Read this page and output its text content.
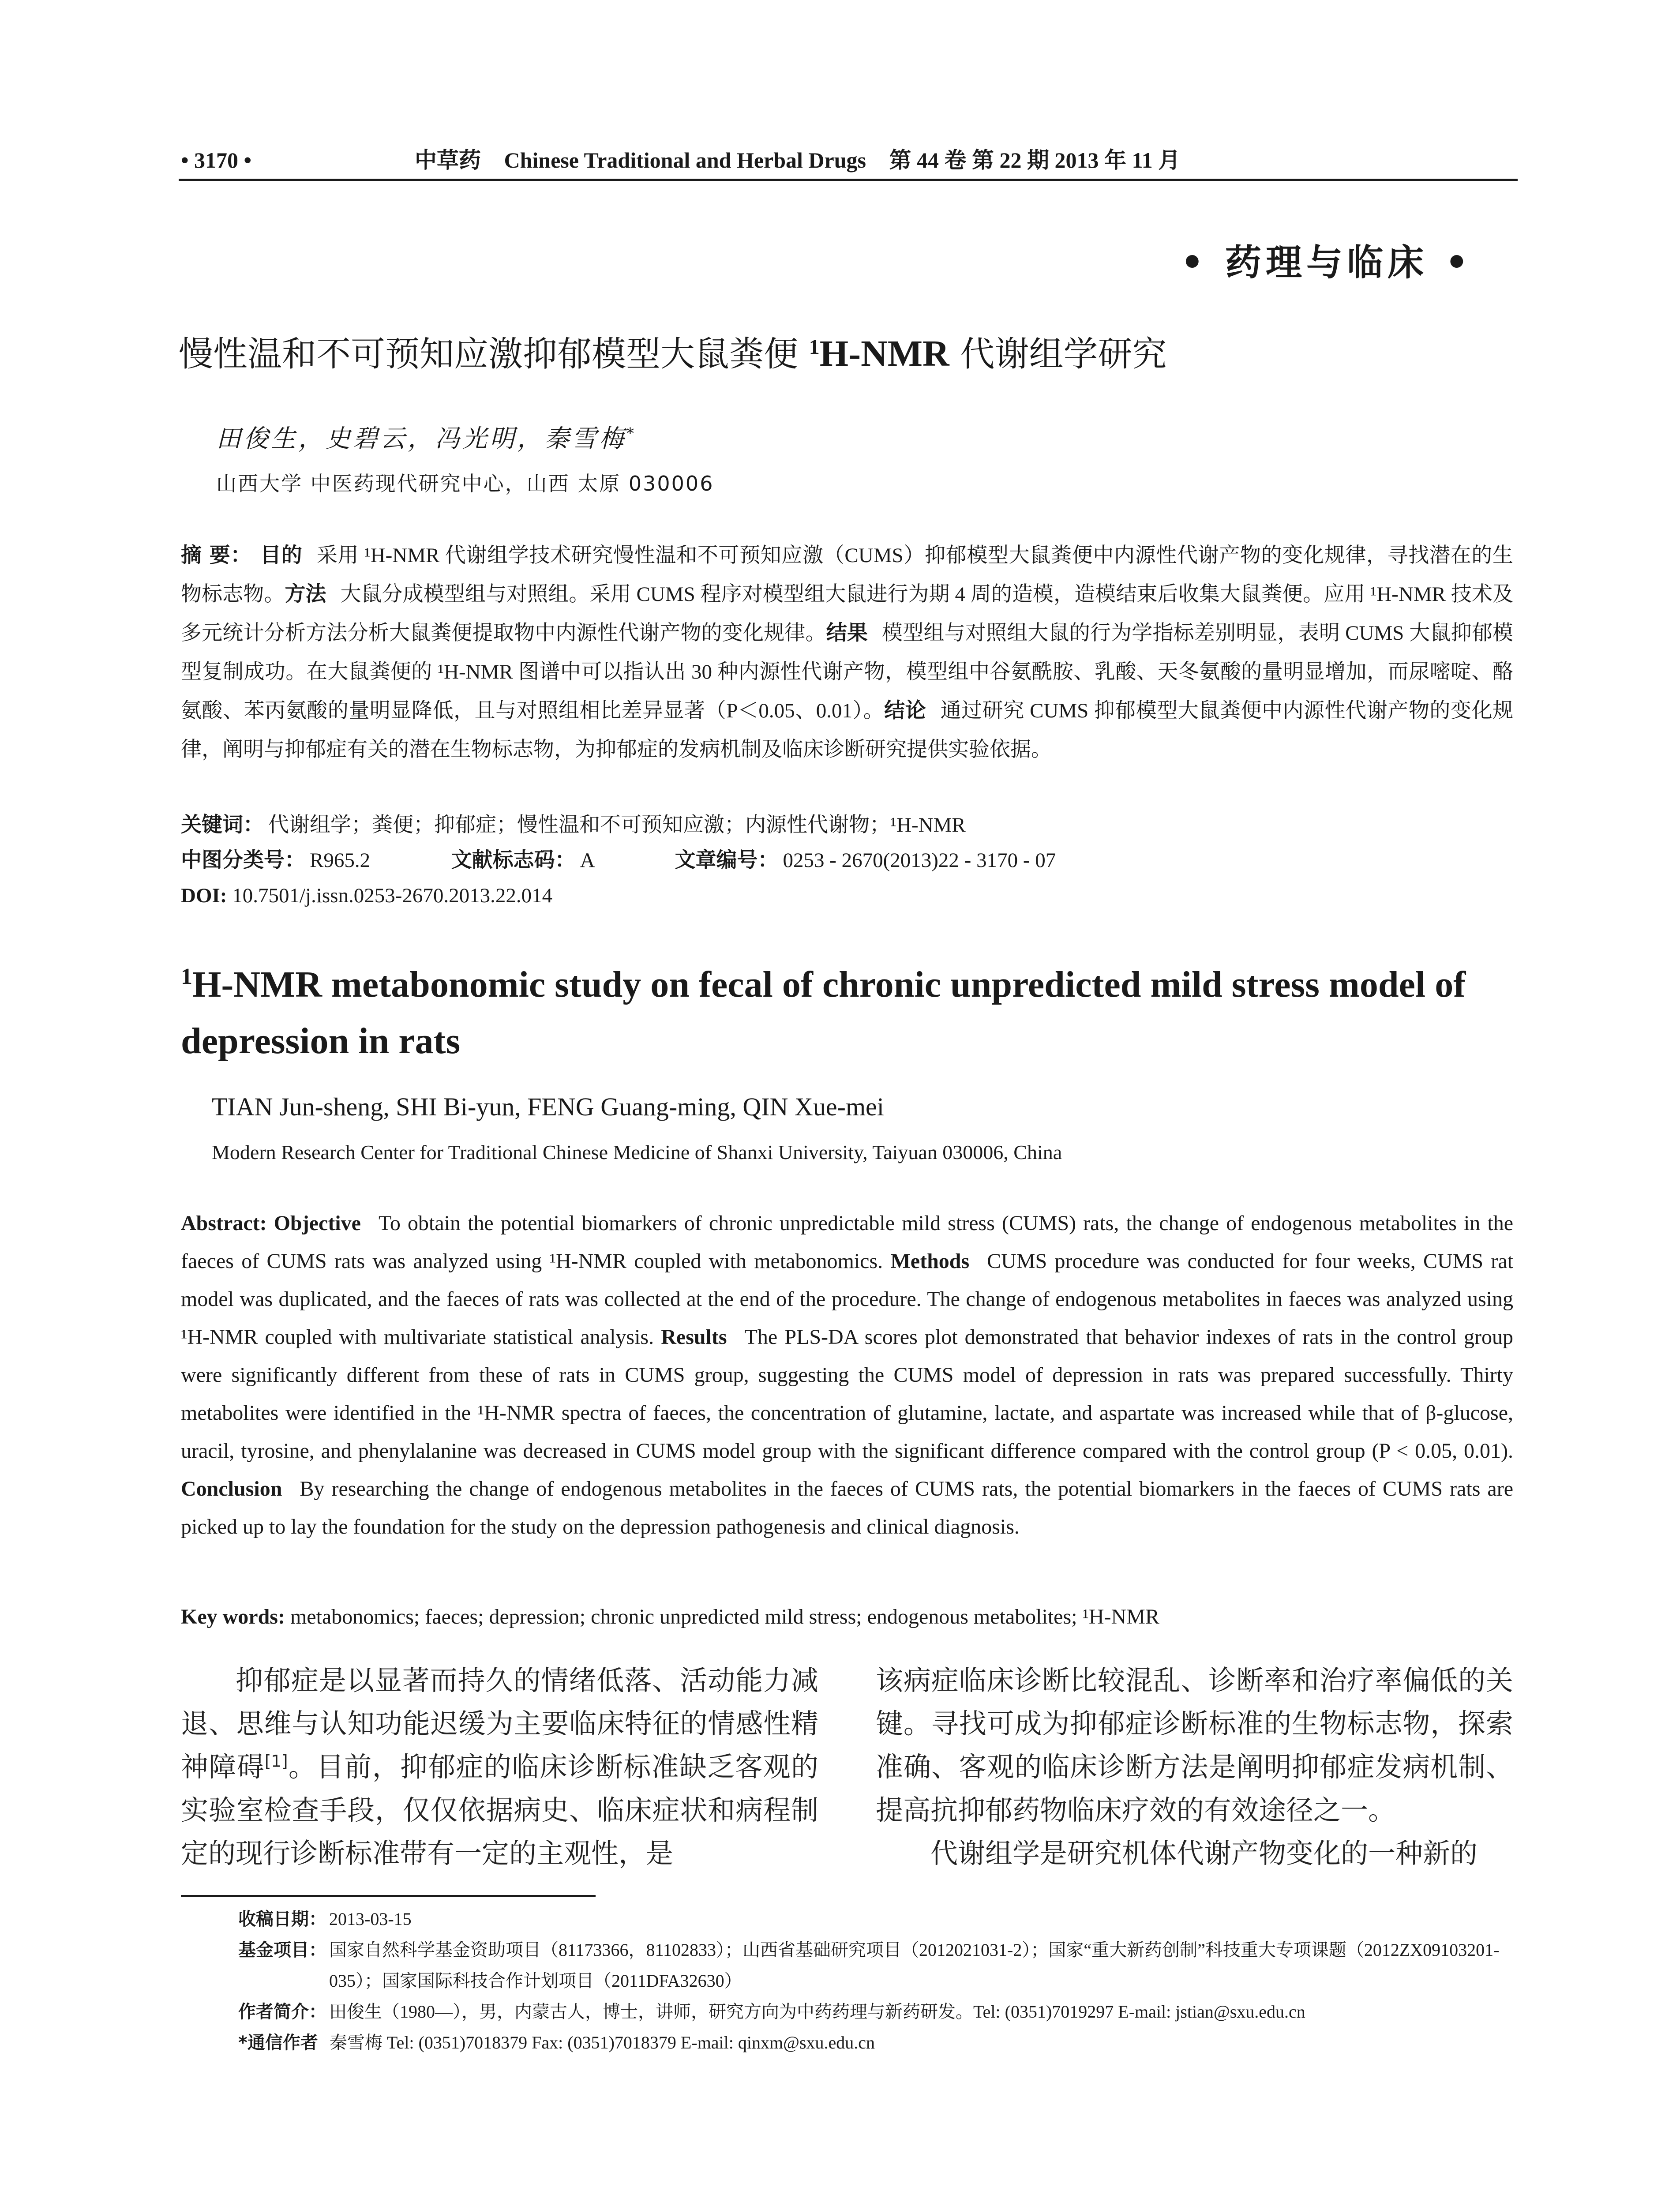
• 3170 •	中草药 Chinese Traditional and Herbal Drugs 第 44 卷 第 22 期 2013 年 11 月
• 药理与临床 •
慢性温和不可预知应激抑郁模型大鼠粪便 $^1$H-NMR 代谢组学研究
田俊生，史碧云，冯光明，秦雪梅*
山西大学 中医药现代研究中心，山西 太原 030006
摘 要： 目的 采用 ¹H-NMR 代谢组学技术研究慢性温和不可预知应激（CUMS）抑郁模型大鼠粪便中内源性代谢产物的变化规律，寻找潜在的生物标志物。方法 大鼠分成模型组与对照组。采用 CUMS 程序对模型组大鼠进行为期 4 周的造模，造模结束后收集大鼠粪便。应用 ¹H-NMR 技术及多元统计分析方法分析大鼠粪便提取物中内源性代谢产物的变化规律。结果 模型组与对照组大鼠的行为学指标差别明显，表明 CUMS 大鼠抑郁模型复制成功。在大鼠粪便的 ¹H-NMR 图谱中可以指认出 30 种内源性代谢产物，模型组中谷氨酰胺、乳酸、天冬氨酸的量明显增加，而尿嘧啶、酪氨酸、苯丙氨酸的量明显降低，且与对照组相比差异显著（P＜0.05、0.01）。结论 通过研究 CUMS 抑郁模型大鼠粪便中内源性代谢产物的变化规律，阐明与抑郁症有关的潜在生物标志物，为抑郁症的发病机制及临床诊断研究提供实验依据。
关键词： 代谢组学；粪便；抑郁症；慢性温和不可预知应激；内源性代谢物；¹H-NMR
中图分类号： R965.2	文献标志码： A	文章编号： 0253 - 2670(2013)22 - 3170 - 07
DOI: 10.7501/j.issn.0253-2670.2013.22.014
$^1$H-NMR metabonomic study on fecal of chronic unpredicted mild stress model of depression in rats
TIAN Jun-sheng, SHI Bi-yun, FENG Guang-ming, QIN Xue-mei
Modern Research Center for Traditional Chinese Medicine of Shanxi University, Taiyuan 030006, China
Abstract: Objective To obtain the potential biomarkers of chronic unpredictable mild stress (CUMS) rats, the change of endogenous metabolites in the faeces of CUMS rats was analyzed using ¹H-NMR coupled with metabonomics. Methods CUMS procedure was conducted for four weeks, CUMS rat model was duplicated, and the faeces of rats was collected at the end of the procedure. The change of endogenous metabolites in faeces was analyzed using ¹H-NMR coupled with multivariate statistical analysis. Results The PLS-DA scores plot demonstrated that behavior indexes of rats in the control group were significantly different from these of rats in CUMS group, suggesting the CUMS model of depression in rats was prepared successfully. Thirty metabolites were identified in the ¹H-NMR spectra of faeces, the concentration of glutamine, lactate, and aspartate was increased while that of β-glucose, uracil, tyrosine, and phenylalanine was decreased in CUMS model group with the significant difference compared with the control group (P < 0.05, 0.01). Conclusion By researching the change of endogenous metabolites in the faeces of CUMS rats, the potential biomarkers in the faeces of CUMS rats are picked up to lay the foundation for the study on the depression pathogenesis and clinical diagnosis.
Key words: metabonomics; faeces; depression; chronic unpredicted mild stress; endogenous metabolites; ¹H-NMR

抑郁症是以显著而持久的情绪低落、活动能力减退、思维与认知功能迟缓为主要临床特征的情感性精神障碍[1]。目前，抑郁症的临床诊断标准缺乏客观的实验室检查手段，仅仅依据病史、临床症状和病程制定的现行诊断标准带有一定的主观性，是

该病症临床诊断比较混乱、诊断率和治疗率偏低的关键。寻找可成为抑郁症诊断标准的生物标志物，探索准确、客观的临床诊断方法是阐明抑郁症发病机制、提高抗抑郁药物临床疗效的有效途径之一。

代谢组学是研究机体代谢产物变化的一种新的

收稿日期： 2013-03-15
基金项目： 国家自然科学基金资助项目（81173366，81102833）；山西省基础研究项目（2012021031-2）；国家“重大新药创制”科技重大专项课题（2012ZX09103201-035）；国家国际科技合作计划项目（2011DFA32630）
作者简介： 田俊生（1980—），男，内蒙古人，博士，讲师，研究方向为中药药理与新药研发。Tel: (0351)7019297 E-mail: jstian@sxu.edu.cn
*通信作者 秦雪梅 Tel: (0351)7018379 Fax: (0351)7018379 E-mail: qinxm@sxu.edu.cn
